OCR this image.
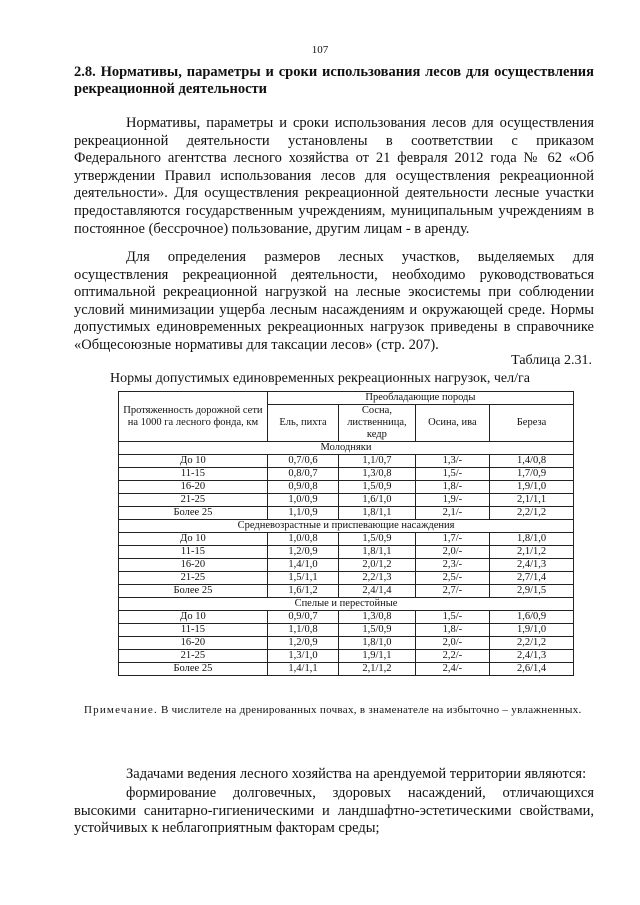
107
2.8. Нормативы, параметры и сроки использования лесов для осуществления рекреационной деятельности

Нормативы, параметры и сроки использования лесов для осуществления рекреационной деятельности установлены в соответствии с приказом Федерального агентства лесного хозяйства от 21 февраля 2012 года № 62 «Об утверждении Правил использования лесов для осуществления рекреационной деятельности». Для осуществления рекреационной деятельности лесные участки предоставляются государственным учреждениям, муниципальным учреждениям в постоянное (бессрочное) пользование, другим лицам - в аренду.

Для определения размеров лесных участков, выделяемых для осуществления рекреационной деятельности, необходимо руководствоваться оптимальной рекреационной нагрузкой на лесные экосистемы при соблюдении условий минимизации ущерба лесным насаждениям и окружающей среде. Нормы допустимых единовременных рекреационных нагрузок приведены в справочнике «Общесоюзные нормативы для таксации лесов» (стр. 207).

Таблица 2.31.
Нормы допустимых единовременных рекреационных нагрузок, чел/га
Протяженность дорожной сети на 1000 га лесного фонда, км	Преобладающие породы			
	Ель, пихта	Сосна, лиственница, кедр	Осина, ива	Береза
Молодняки				
До 10	0,7/0,6	1,1/0,7	1,3/-	1,4/0,8
11-15	0,8/0,7	1,3/0,8	1,5/-	1,7/0,9
16-20	0,9/0,8	1,5/0,9	1,8/-	1,9/1,0
21-25	1,0/0,9	1,6/1,0	1,9/-	2,1/1,1
Более 25	1,1/0,9	1,8/1,1	2,1/-	2,2/1,2
Средневозрастные и приспевающие насаждения				
До 10	1,0/0,8	1,5/0,9	1,7/-	1,8/1,0
11-15	1,2/0,9	1,8/1,1	2,0/-	2,1/1,2
16-20	1,4/1,0	2,0/1,2	2,3/-	2,4/1,3
21-25	1,5/1,1	2,2/1,3	2,5/-	2,7/1,4
Более 25	1,6/1,2	2,4/1,4	2,7/-	2,9/1,5
Спелые и перестойные				
До 10	0,9/0,7	1,3/0,8	1,5/-	1,6/0,9
11-15	1,1/0,8	1,5/0,9	1,8/-	1,9/1,0
16-20	1,2/0,9	1,8/1,0	2,0/-	2,2/1,2
21-25	1,3/1,0	1,9/1,1	2,2/-	2,4/1,3
Более 25	1,4/1,1	2,1/1,2	2,4/-	2,6/1,4
Примечание. В числителе на дренированных почвах, в знаменателе на избыточно – увлажненных.

Задачами ведения лесного хозяйства на арендуемой территории являются:

формирование долговечных, здоровых насаждений, отличающихся высокими санитарно-гигиеническими и ландшафтно-эстетическими свойствами, устойчивых к неблагоприятным факторам среды;
